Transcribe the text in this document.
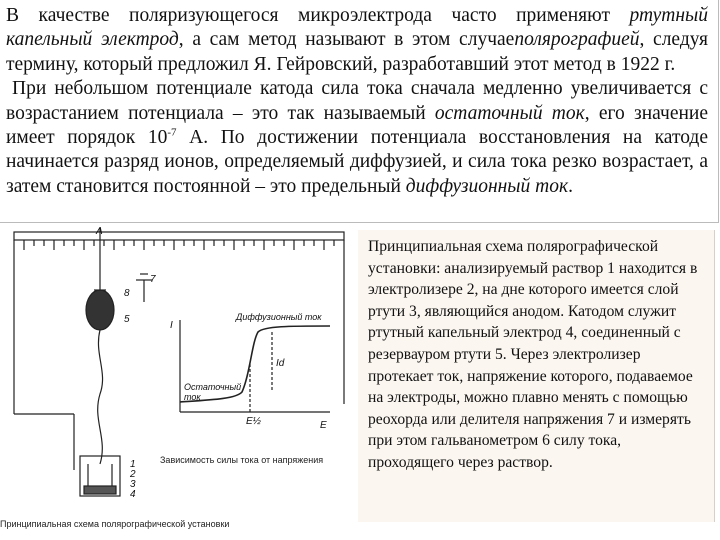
В качестве поляризующегося микроэлектрода часто применяют ртутный капельный электрод, а сам метод называют в этом случаеполярографией, следуя термину, который предложил Я. Гейровский, разработавший этот метод в 1922 г.

При небольшом потенциале катода сила тока сначала медленно увеличивается с возрастанием потенциала – это так называемый остаточный ток, его значение имеет порядок $10^{-7}$ А. По достижении потенциала восстановления на катоде начинается разряд ионов, определяемый диффузией, и сила тока резко возрастает, а затем становится постоянной – это предельный диффузионный ток.

A
7
8
5
1
2
3
4
I
E
Id
E½
Диффузионный ток
Остаточный
ток
Зависимость силы тока от напряжения
Принципиальная схема полярографической установки

Принципиальная схема полярографической установки: анализируемый раствор 1 находится в электролизере 2, на дне которого имеется слой ртути 3, являющийся анодом. Катодом служит ртутный капельный электрод 4, соединенный с резервауром ртути 5. Через электролизер протекает ток, напряжение которого, подаваемое на электроды, можно плавно менять с помощью реохорда или делителя напряжения 7 и измерять при этом гальванометром 6 силу тока, проходящего через раствор.
